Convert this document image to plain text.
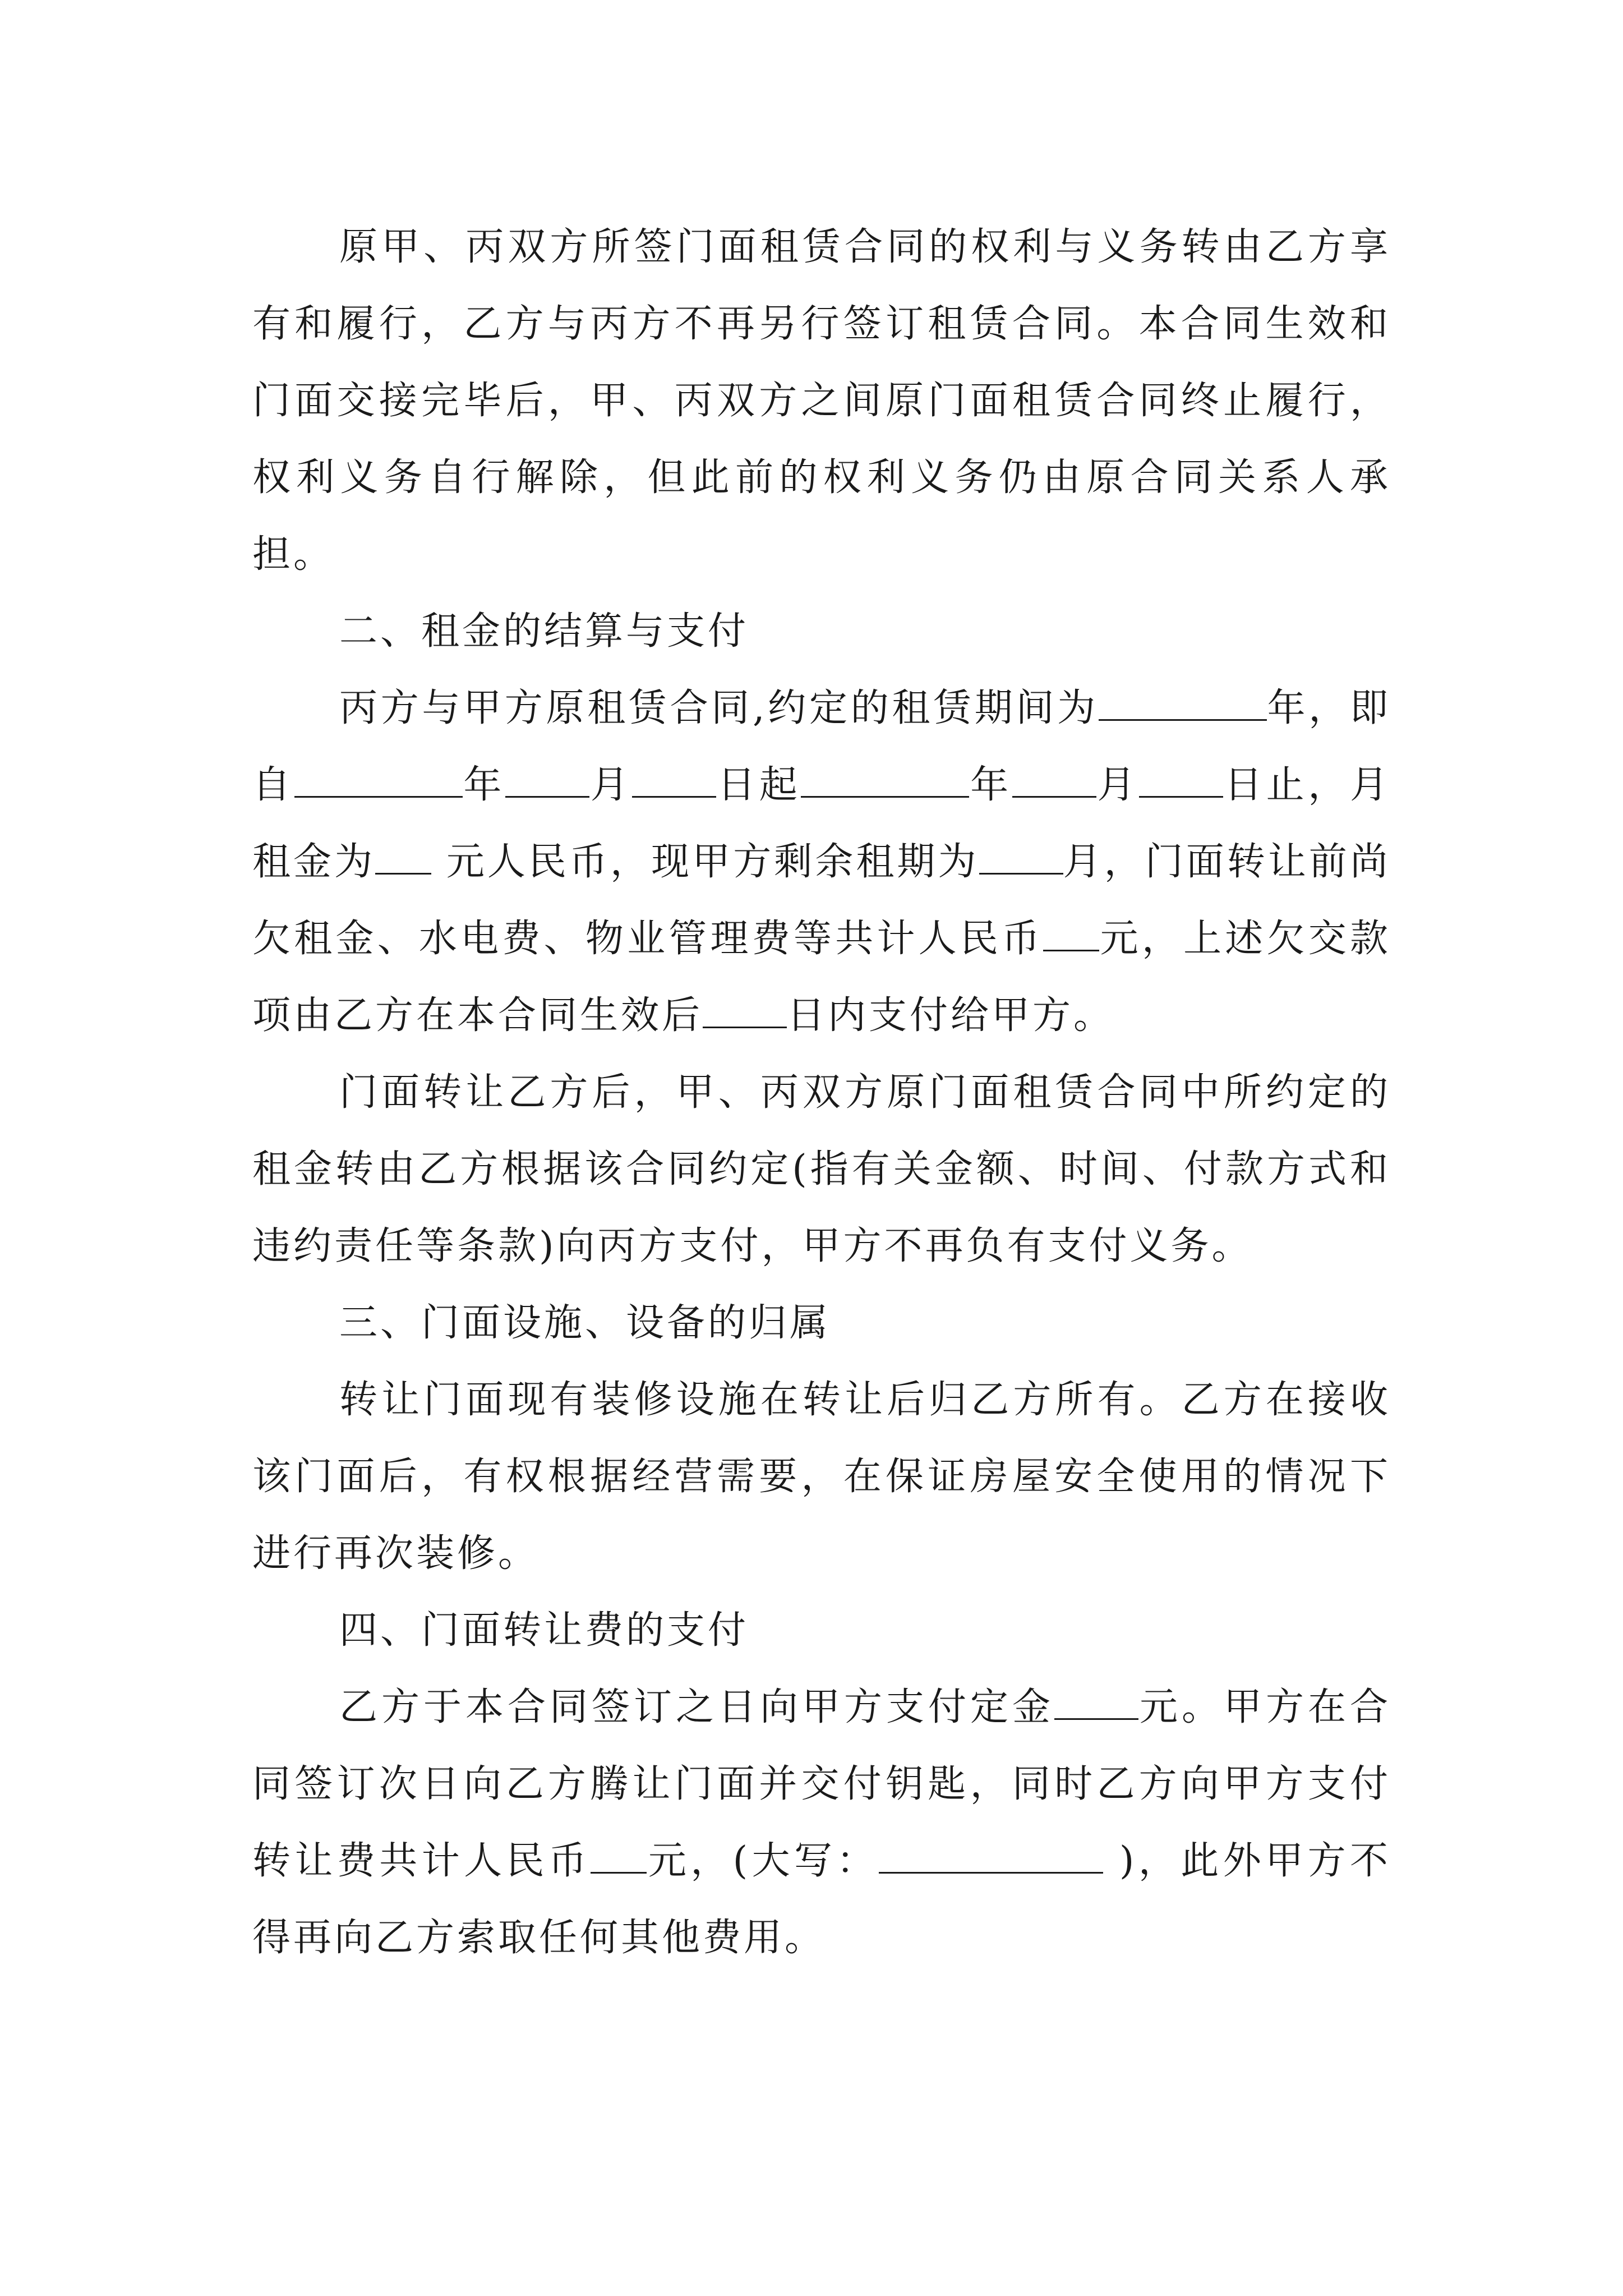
原甲、丙双方所签门面租赁合同的权利与义务转由乙方享有和履行，乙方与丙方不再另行签订租赁合同。本合同生效和门面交接完毕后，甲、丙双方之间原门面租赁合同终止履行，权利义务自行解除，但此前的权利义务仍由原合同关系人承担。

二、租金的结算与支付

丙方与甲方原租赁合同,约定的租赁期间为	年，即自	年 月 日起	年 月 日止，月租金为 元人民币，现甲方剩余租期为 月，门面转让前尚欠租金、水电费、物业管理费等共计人民币 元，上述欠交款项由乙方在本合同生效后 日内支付给甲方。

门面转让乙方后，甲、丙双方原门面租赁合同中所约定的租金转由乙方根据该合同约定(指有关金额、时间、付款方式和违约责任等条款)向丙方支付，甲方不再负有支付义务。

三、门面设施、设备的归属

转让门面现有装修设施在转让后归乙方所有。乙方在接收该门面后，有权根据经营需要，在保证房屋安全使用的情况下进行再次装修。

四、门面转让费的支付

乙方于本合同签订之日向甲方支付定金 元。甲方在合同签订次日向乙方腾让门面并交付钥匙，同时乙方向甲方支付转让费共计人民币 元，(大写：	)，此外甲方不得再向乙方索取任何其他费用。
